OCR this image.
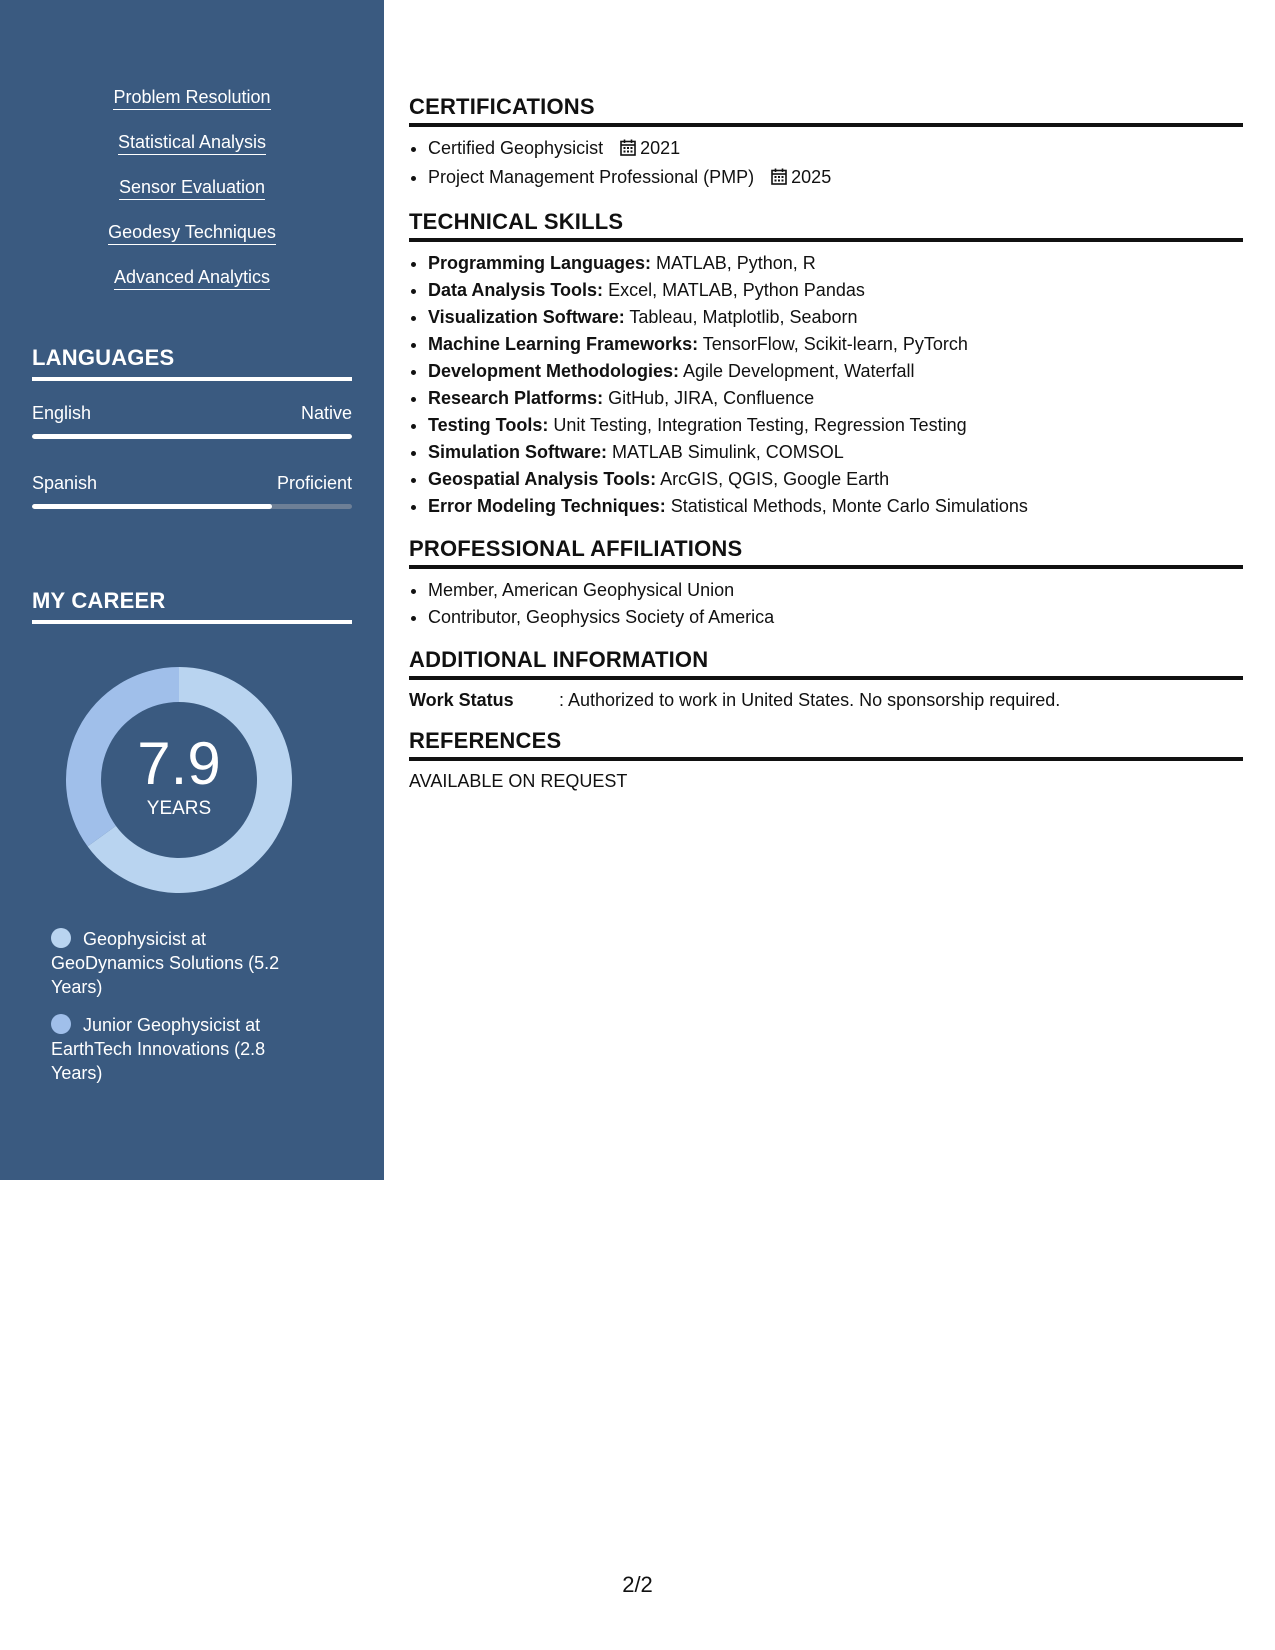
Problem Resolution
Statistical Analysis
Sensor Evaluation
Geodesy Techniques
Advanced Analytics
LANGUAGES
English	Native
Spanish	Proficient
MY CAREER
7.9
YEARS
Geophysicist at GeoDynamics Solutions (5.2 Years)
Junior Geophysicist at EarthTech Innovations (2.8 Years)
CERTIFICATIONS
• Certified Geophysicist 2021
• Project Management Professional (PMP) 2025
TECHNICAL SKILLS
• Programming Languages: MATLAB, Python, R
• Data Analysis Tools: Excel, MATLAB, Python Pandas
• Visualization Software: Tableau, Matplotlib, Seaborn
• Machine Learning Frameworks: TensorFlow, Scikit-learn, PyTorch
• Development Methodologies: Agile Development, Waterfall
• Research Platforms: GitHub, JIRA, Confluence
• Testing Tools: Unit Testing, Integration Testing, Regression Testing
• Simulation Software: MATLAB Simulink, COMSOL
• Geospatial Analysis Tools: ArcGIS, QGIS, Google Earth
• Error Modeling Techniques: Statistical Methods, Monte Carlo Simulations
PROFESSIONAL AFFILIATIONS
• Member, American Geophysical Union
• Contributor, Geophysics Society of America
ADDITIONAL INFORMATION
Work Status	: Authorized to work in United States. No sponsorship required.
REFERENCES
AVAILABLE ON REQUEST
2/2
